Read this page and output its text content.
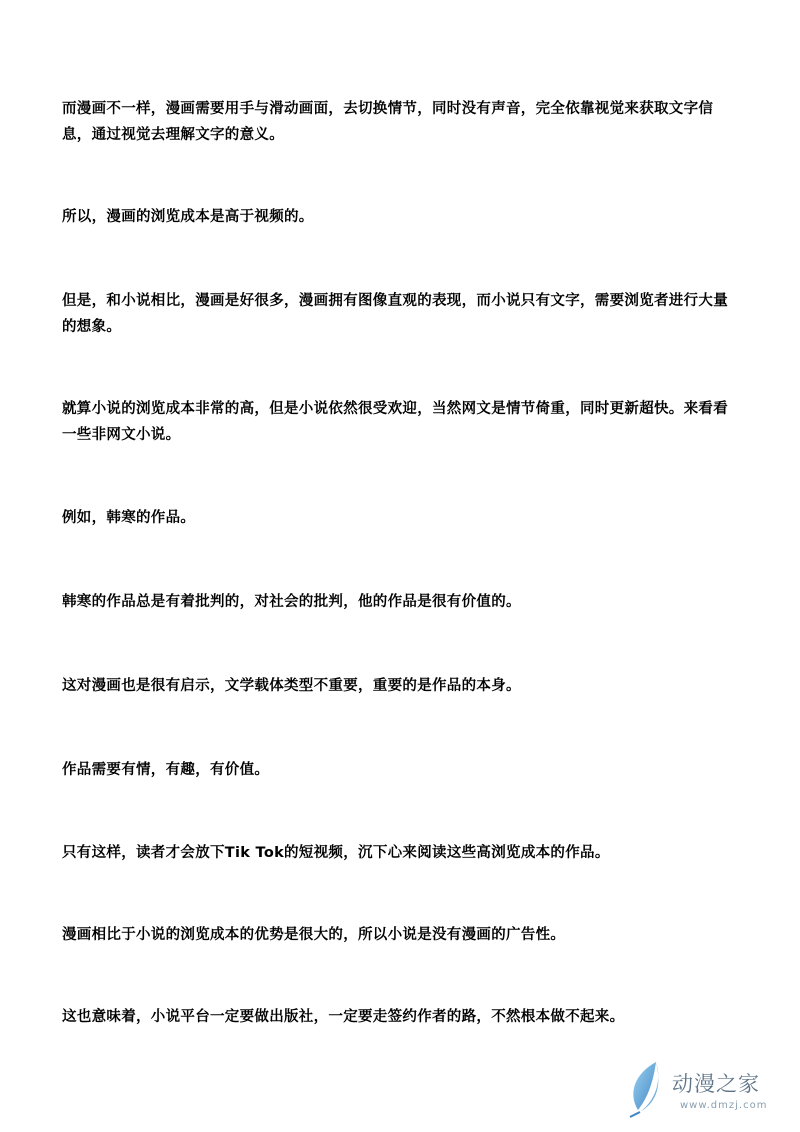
而漫画不一样，漫画需要用手与滑动画面，去切换情节，同时没有声音，完全依靠视觉来获取文字信息，通过视觉去理解文字的意义。

所以，漫画的浏览成本是高于视频的。

但是，和小说相比，漫画是好很多，漫画拥有图像直观的表现，而小说只有文字，需要浏览者进行大量的想象。

就算小说的浏览成本非常的高，但是小说依然很受欢迎，当然网文是情节倚重，同时更新超快。来看看一些非网文小说。

例如，韩寒的作品。

韩寒的作品总是有着批判的，对社会的批判，他的作品是很有价值的。

这对漫画也是很有启示，文学载体类型不重要，重要的是作品的本身。

作品需要有情，有趣，有价值。

只有这样，读者才会放下Tik Tok的短视频，沉下心来阅读这些高浏览成本的作品。

漫画相比于小说的浏览成本的优势是很大的，所以小说是没有漫画的广告性。

这也意味着，小说平台一定要做出版社，一定要走签约作者的路，不然根本做不起来。

动漫之家
www.dmzj.com
